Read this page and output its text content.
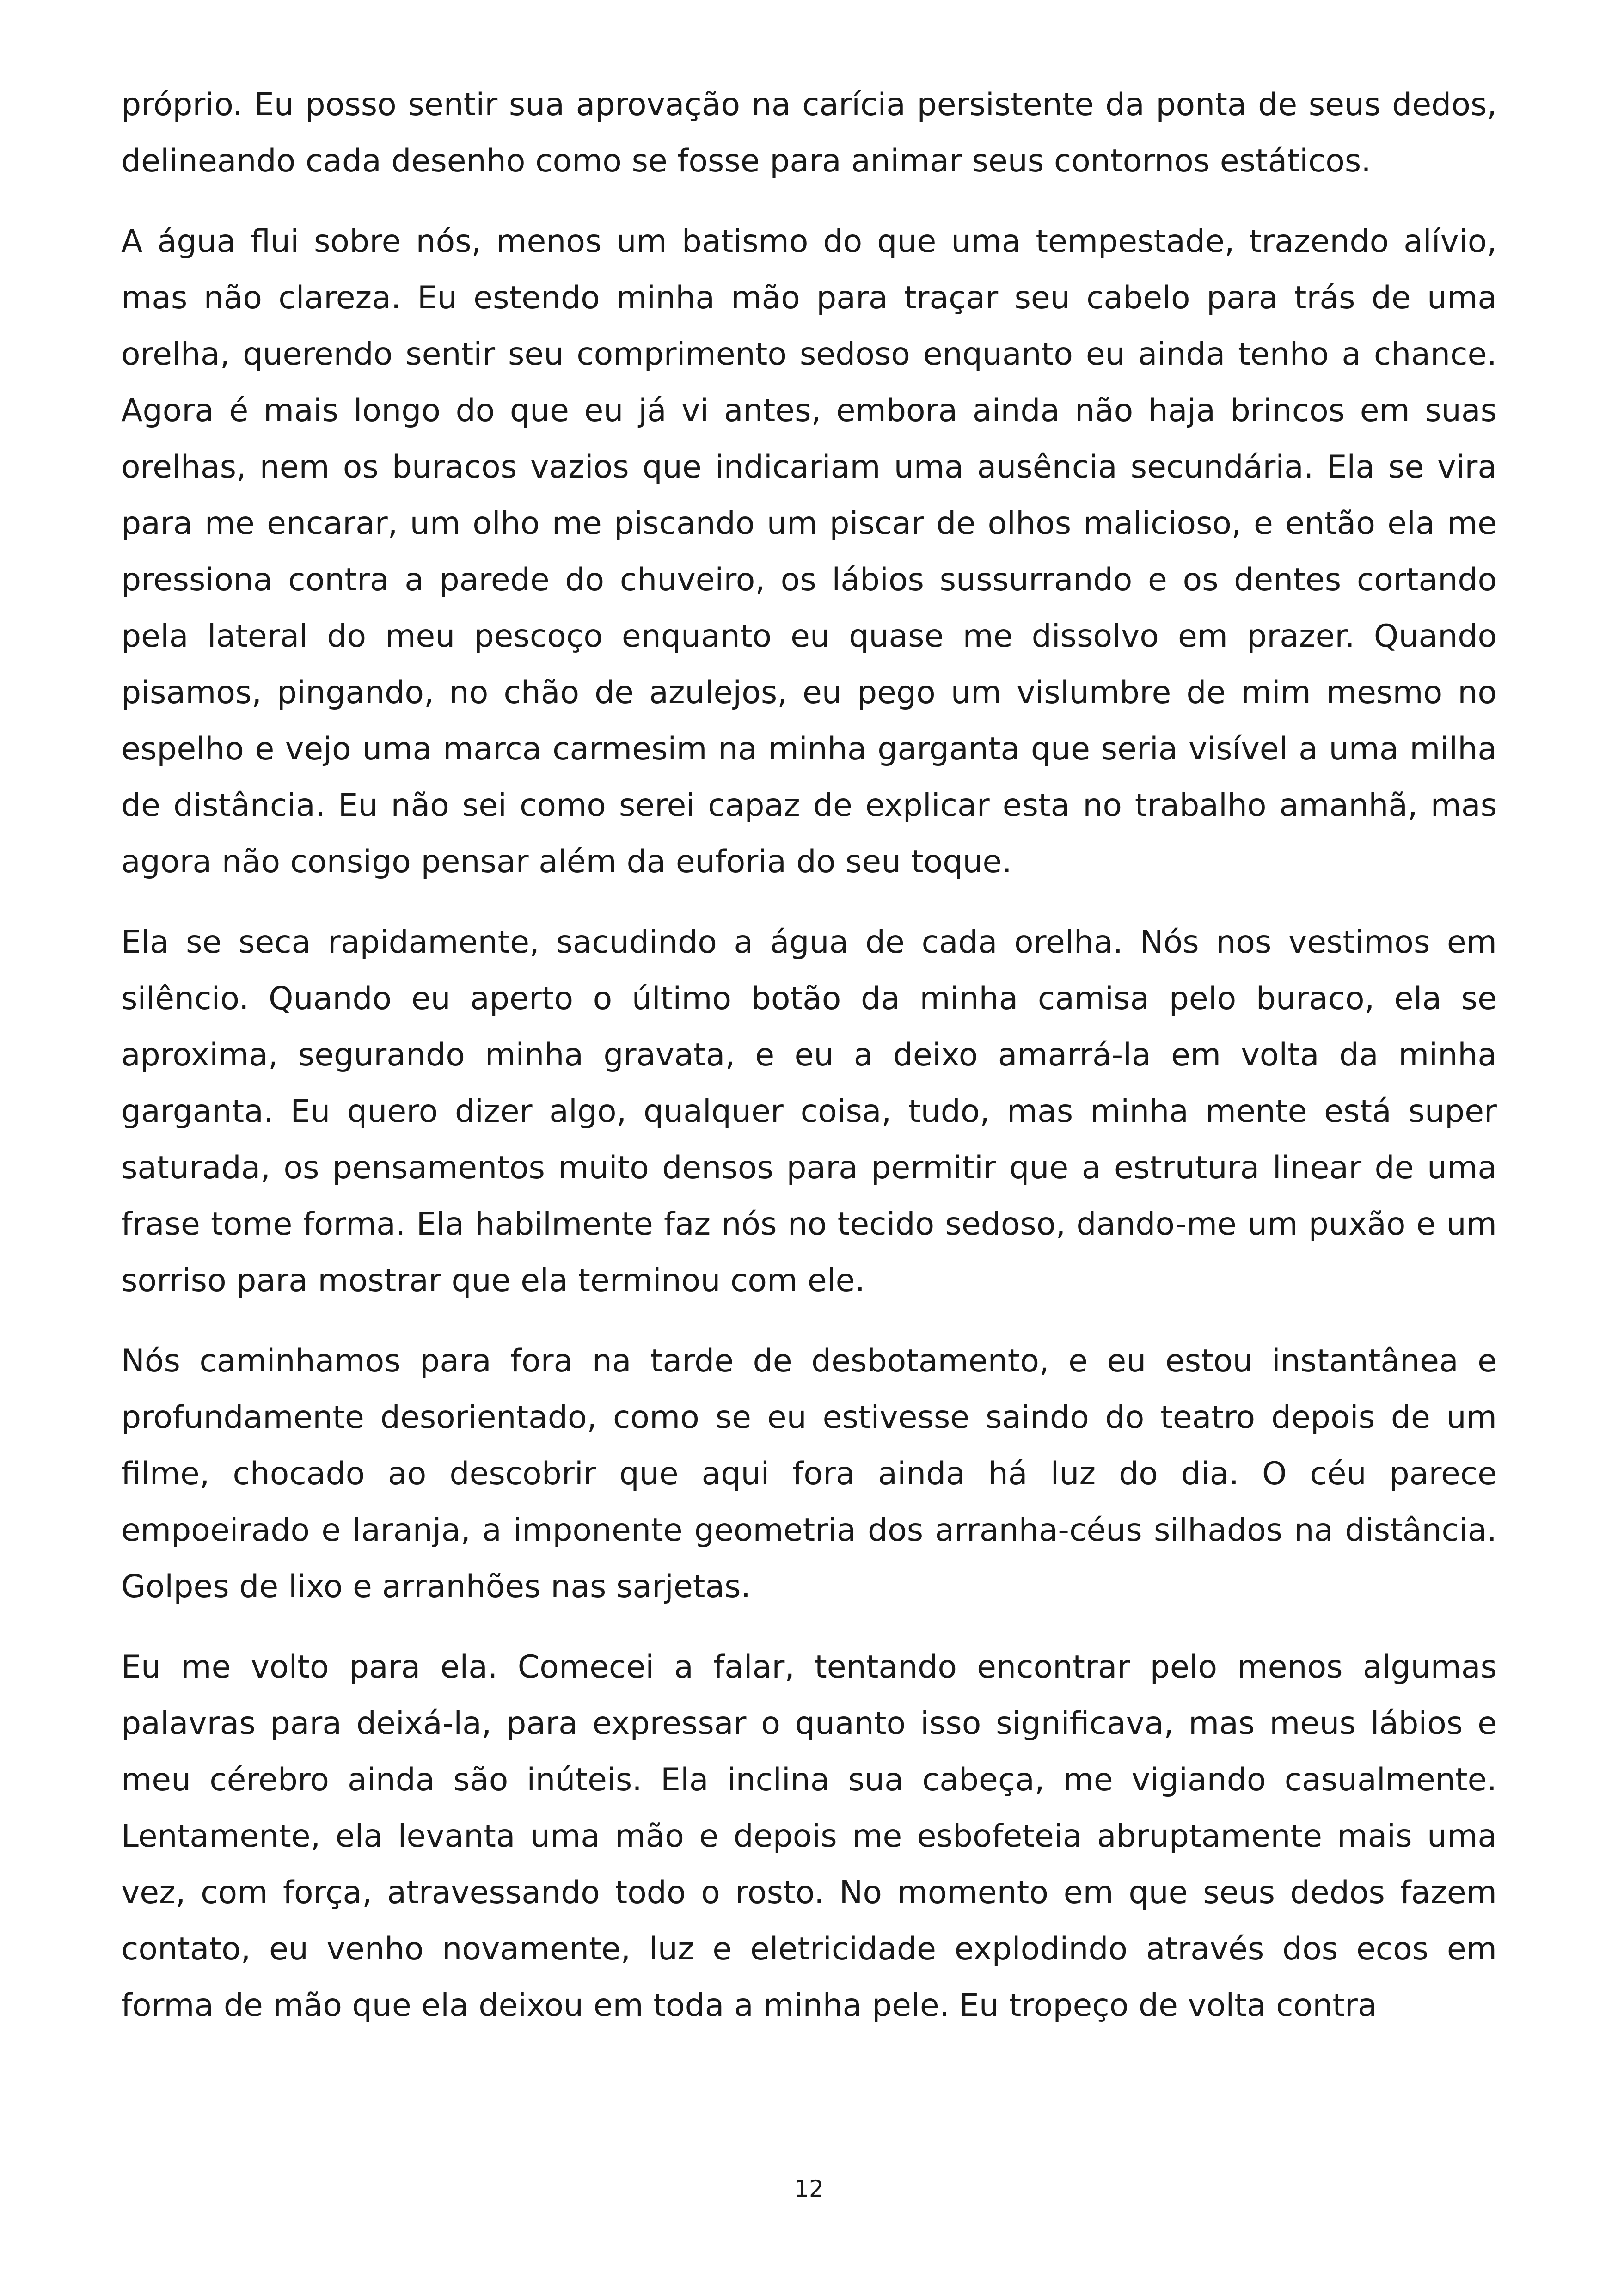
próprio. Eu posso sentir sua aprovação na carícia persistente da ponta de seus dedos, delineando cada desenho como se fosse para animar seus contornos estáticos.

A água flui sobre nós, menos um batismo do que uma tempestade, trazendo alívio, mas não clareza. Eu estendo minha mão para traçar seu cabelo para trás de uma orelha, querendo sentir seu comprimento sedoso enquanto eu ainda tenho a chance. Agora é mais longo do que eu já vi antes, embora ainda não haja brincos em suas orelhas, nem os buracos vazios que indicariam uma ausência secundária. Ela se vira para me encarar, um olho me piscando um piscar de olhos malicioso, e então ela me pressiona contra a parede do chuveiro, os lábios sussurrando e os dentes cortando pela lateral do meu pescoço enquanto eu quase me dissolvo em prazer. Quando pisamos, pingando, no chão de azulejos, eu pego um vislumbre de mim mesmo no espelho e vejo uma marca carmesim na minha garganta que seria visível a uma milha de distância. Eu não sei como serei capaz de explicar esta no trabalho amanhã, mas agora não consigo pensar além da euforia do seu toque.

Ela se seca rapidamente, sacudindo a água de cada orelha. Nós nos vestimos em silêncio. Quando eu aperto o último botão da minha camisa pelo buraco, ela se aproxima, segurando minha gravata, e eu a deixo amarrá-la em volta da minha garganta. Eu quero dizer algo, qualquer coisa, tudo, mas minha mente está super saturada, os pensamentos muito densos para permitir que a estrutura linear de uma frase tome forma. Ela habilmente faz nós no tecido sedoso, dando-me um puxão e um sorriso para mostrar que ela terminou com ele.

Nós caminhamos para fora na tarde de desbotamento, e eu estou instantânea e profundamente desorientado, como se eu estivesse saindo do teatro depois de um filme, chocado ao descobrir que aqui fora ainda há luz do dia. O céu parece empoeirado e laranja, a imponente geometria dos arranha-céus silhados na distância. Golpes de lixo e arranhões nas sarjetas.

Eu me volto para ela. Comecei a falar, tentando encontrar pelo menos algumas palavras para deixá-la, para expressar o quanto isso significava, mas meus lábios e meu cérebro ainda são inúteis. Ela inclina sua cabeça, me vigiando casualmente. Lentamente, ela levanta uma mão e depois me esbofeteia abruptamente mais uma vez, com força, atravessando todo o rosto. No momento em que seus dedos fazem contato, eu venho novamente, luz e eletricidade explodindo através dos ecos em forma de mão que ela deixou em toda a minha pele. Eu tropeço de volta contra

12
